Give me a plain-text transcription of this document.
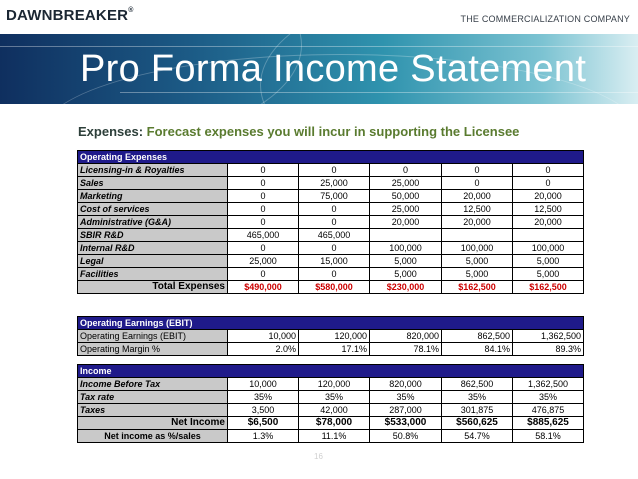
DAWNBREAKER®
THE COMMERCIALIZATION COMPANY
Pro Forma Income Statement
Expenses: Forecast expenses you will incur in supporting the Licensee
Operating Expenses					
Licensing-in & Royalties	0	0	0	0	0
Sales	0	25,000	25,000	0	0
Marketing	0	75,000	50,000	20,000	20,000
Cost of services	0	0	25,000	12,500	12,500
Administrative (G&A)	0	0	20,000	20,000	20,000
SBIR R&D	465,000	465,000			
Internal R&D	0	0	100,000	100,000	100,000
Legal	25,000	15,000	5,000	5,000	5,000
Facilities	0	0	5,000	5,000	5,000
Total Expenses	$490,000	$580,000	$230,000	$162,500	$162,500
Operating Earnings (EBIT)					
Operating Earnings (EBIT)	10,000	120,000	820,000	862,500	1,362,500
Operating Margin %	2.0%	17.1%	78.1%	84.1%	89.3%
Income					
Income Before Tax	10,000	120,000	820,000	862,500	1,362,500
Tax rate	35%	35%	35%	35%	35%
Taxes	3,500	42,000	287,000	301,875	476,875
Net Income	$6,500	$78,000	$533,000	$560,625	$885,625
Net income as %/sales	1.3%	11.1%	50.8%	54.7%	58.1%
16
